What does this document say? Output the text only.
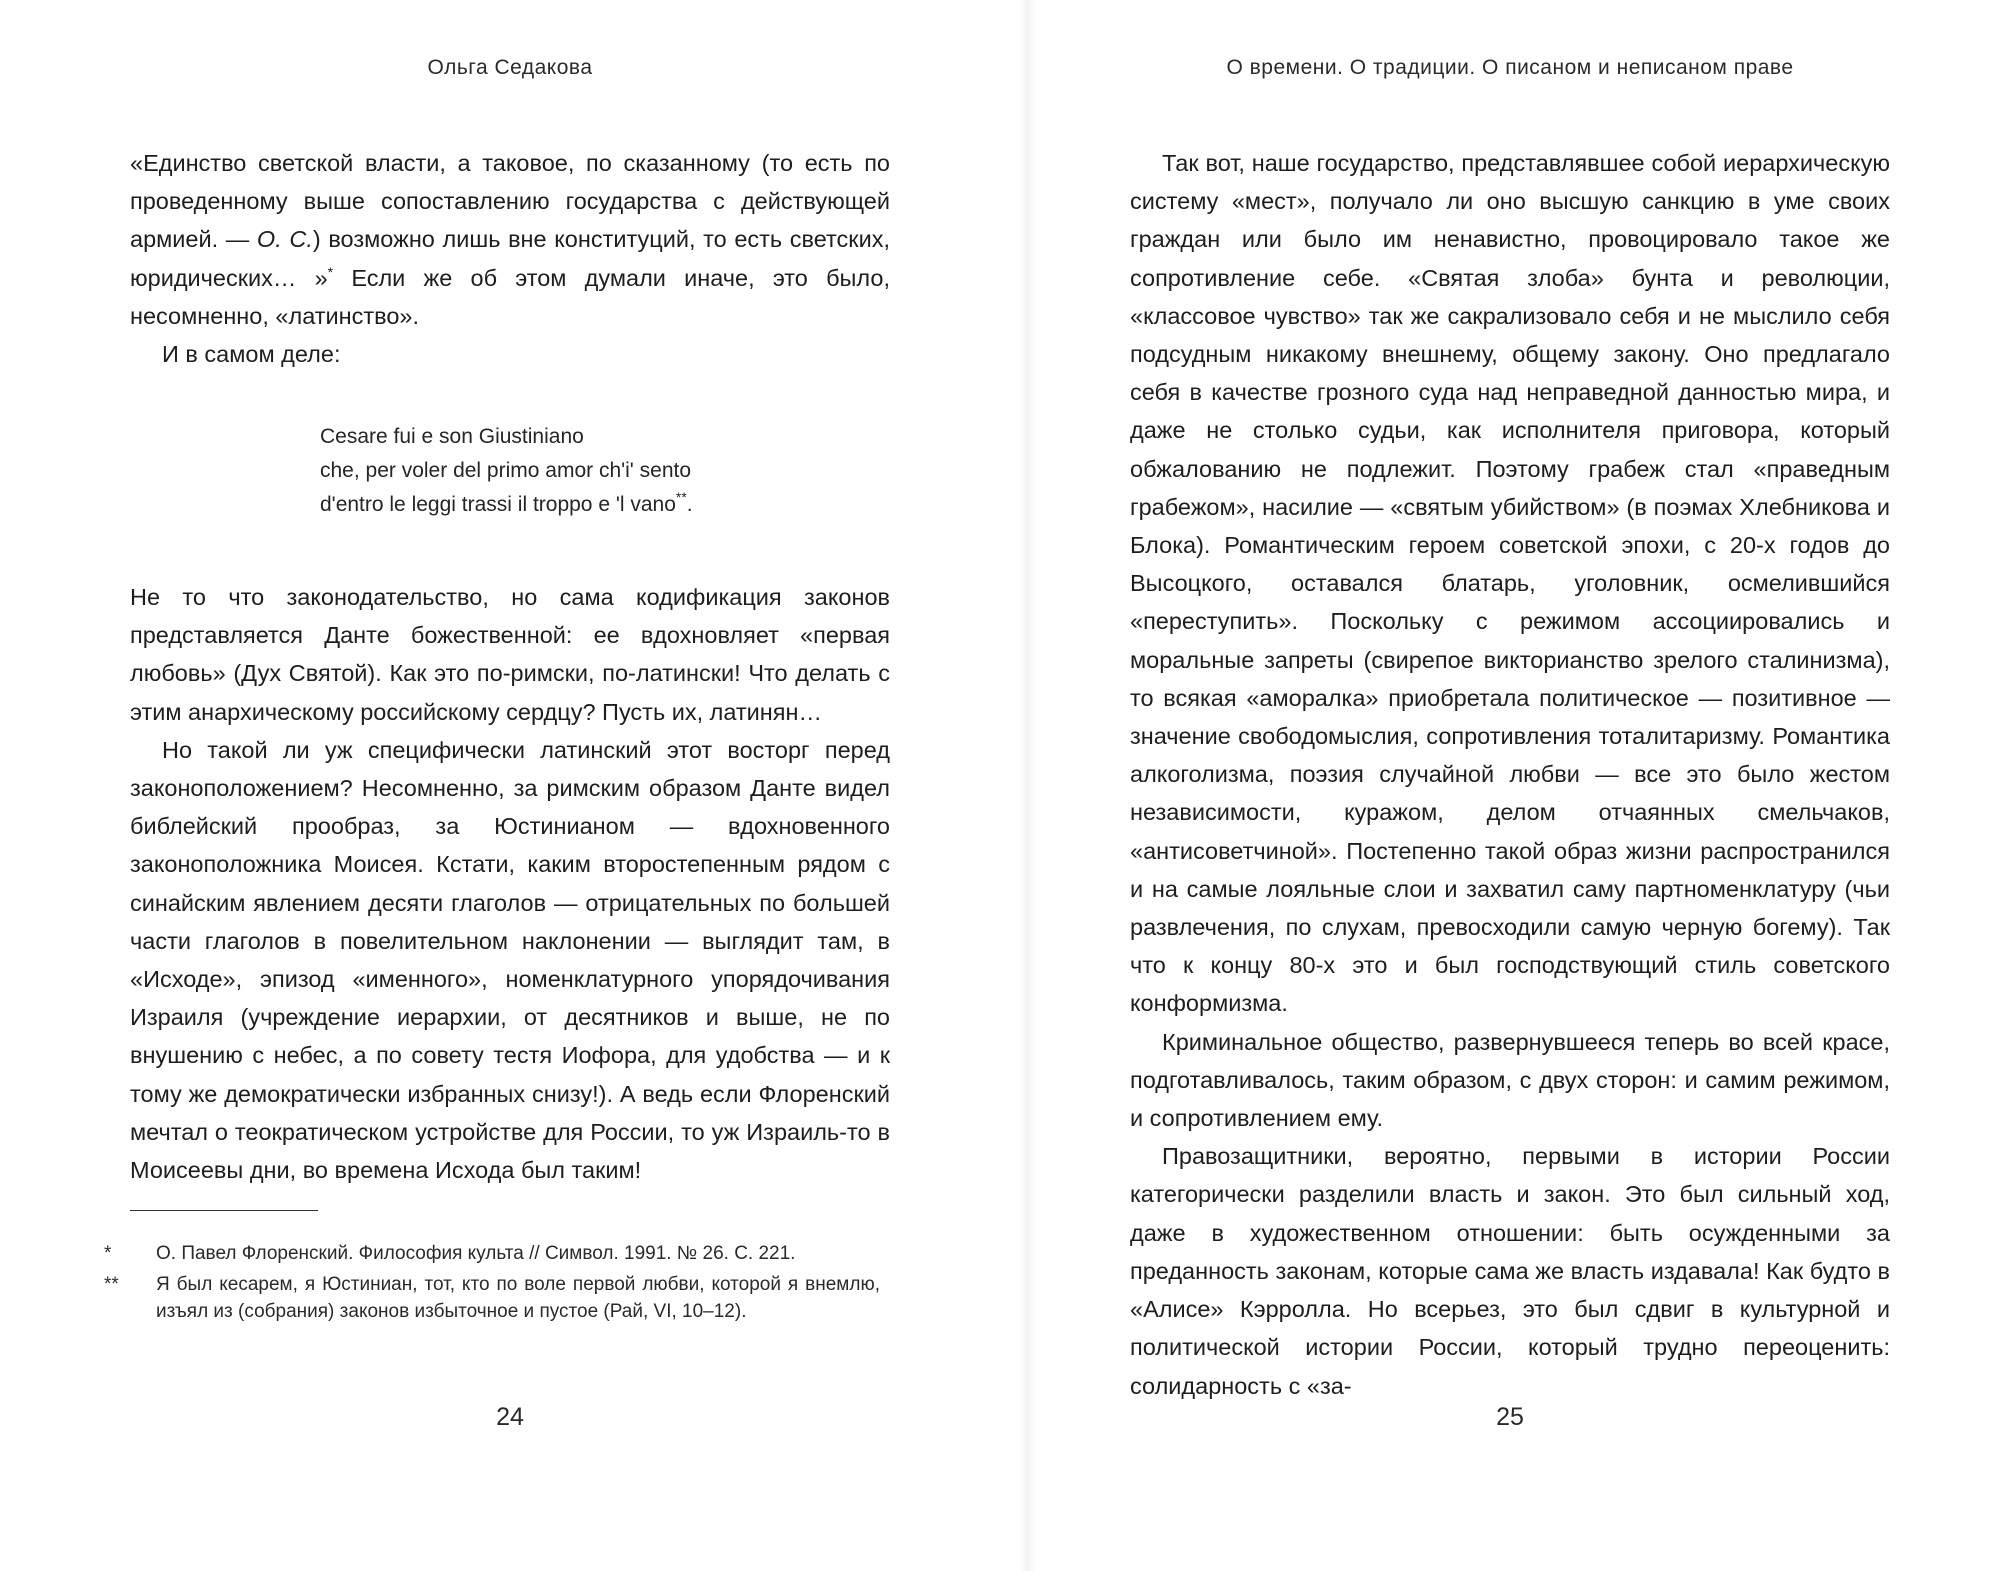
Ольга Седакова

«Единство светской власти, а таковое, по сказанному (то есть по проведенному выше сопоставлению государства с действующей армией. — О. С.) возможно лишь вне конституций, то есть светских, юридических… »* Если же об этом думали иначе, это было, несомненно, «латинство».

И в самом деле:

Cesare fui e son Giustiniano
che, per voler del primo amor ch'i' sento
d'entro le leggi trassi il troppo e 'l vano**.

Не то что законодательство, но сама кодификация законов представляется Данте божественной: ее вдохновляет «первая любовь» (Дух Святой). Как это по-римски, по-латински! Что делать с этим анархическому российскому сердцу? Пусть их, латинян…

Но такой ли уж специфически латинский этот восторг перед законоположением? Несомненно, за римским образом Данте видел библейский прообраз, за Юстинианом — вдохновенного законоположника Моисея. Кстати, каким второстепенным рядом с синайским явлением десяти глаголов — отрицательных по большей части глаголов в повелительном наклонении — выглядит там, в «Исходе», эпизод «именного», номенклатурного упорядочивания Израиля (учреждение иерархии, от десятников и выше, не по внушению с небес, а по совету тестя Иофора, для удобства — и к тому же демократически избранных снизу!). А ведь если Флоренский мечтал о теократическом устройстве для России, то уж Израиль-то в Моисеевы дни, во времена Исхода был таким!

* О. Павел Флоренский. Философия культа // Символ. 1991. № 26. С. 221.
** Я был кесарем, я Юстиниан, тот, кто по воле первой любви, которой я внемлю, изъял из (собрания) законов избыточное и пустое (Рай, VI, 10–12).
24
О времени. О традиции. О писаном и неписаном праве

Так вот, наше государство, представлявшее собой иерархическую систему «мест», получало ли оно высшую санкцию в уме своих граждан или было им ненавистно, провоцировало такое же сопротивление себе. «Святая злоба» бунта и революции, «классовое чувство» так же сакрализовало себя и не мыслило себя подсудным никакому внешнему, общему закону. Оно предлагало себя в качестве грозного суда над неправедной данностью мира, и даже не столько судьи, как исполнителя приговора, который обжалованию не подлежит. Поэтому грабеж стал «праведным грабежом», насилие — «святым убийством» (в поэмах Хлебникова и Блока). Романтическим героем советской эпохи, с 20-х годов до Высоцкого, оставался блатарь, уголовник, осмелившийся «переступить». Поскольку с режимом ассоциировались и моральные запреты (свирепое викторианство зрелого сталинизма), то всякая «аморалка» приобретала политическое — позитивное — значение свободомыслия, сопротивления тоталитаризму. Романтика алкоголизма, поэзия случайной любви — все это было жестом независимости, куражом, делом отчаянных смельчаков, «антисоветчиной». Постепенно такой образ жизни распространился и на самые лояльные слои и захватил саму партноменклатуру (чьи развлечения, по слухам, превосходили самую черную богему). Так что к концу 80-х это и был господствующий стиль советского конформизма.

Криминальное общество, развернувшееся теперь во всей красе, подготавливалось, таким образом, с двух сторон: и самим режимом, и сопротивлением ему.

Правозащитники, вероятно, первыми в истории России категорически разделили власть и закон. Это был сильный ход, даже в художественном отношении: быть осужденными за преданность законам, которые сама же власть издавала! Как будто в «Алисе» Кэрролла. Но всерьез, это был сдвиг в культурной и политической истории России, который трудно переоценить: солидарность с «за-

25
